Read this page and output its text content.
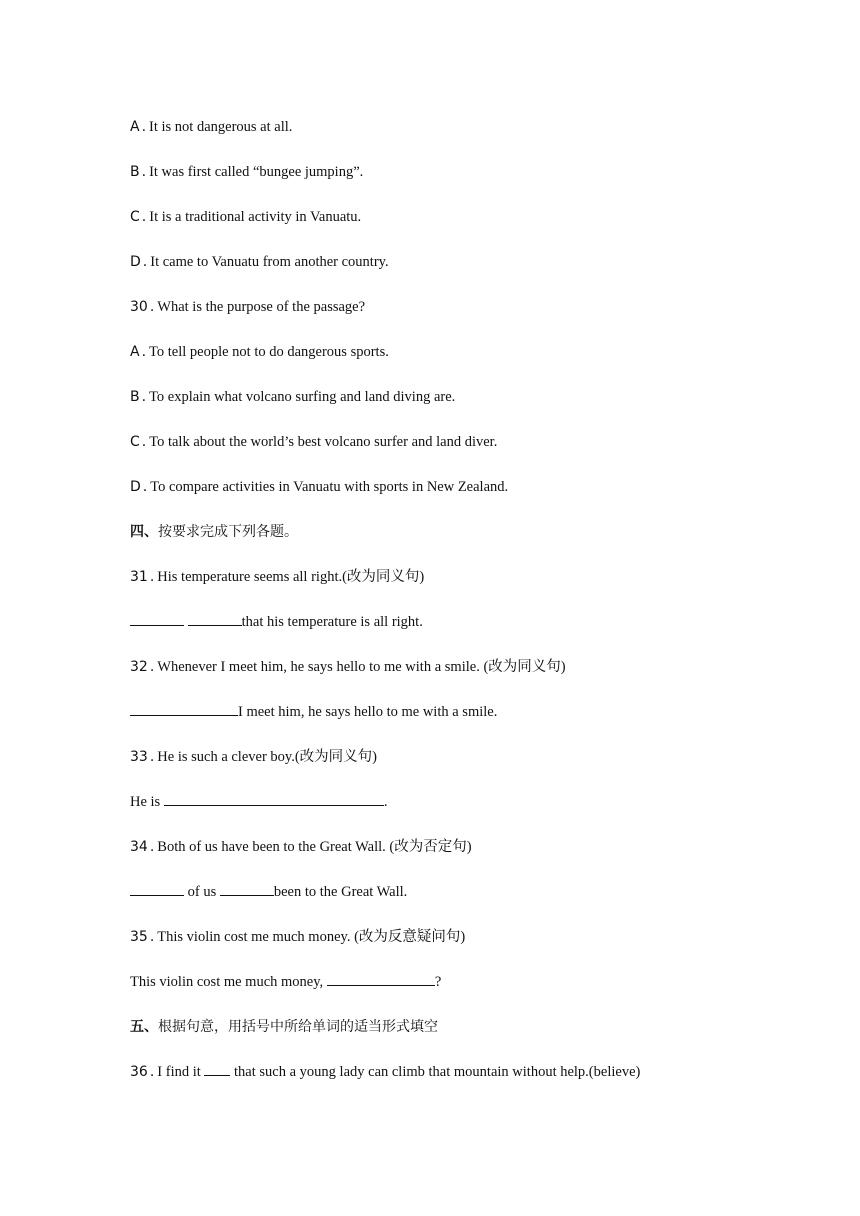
A . It is not dangerous at all.
B . It was first called “bungee jumping”.
C . It is a traditional activity in Vanuatu.
D . It came to Vanuatu from another country.
30 . What is the purpose of the passage?
A . To tell people not to do dangerous sports.
B . To explain what volcano surfing and land diving are.
C . To talk about the world’s best volcano surfer and land diver.
D . To compare activities in Vanuatu with sports in New Zealand.
四、按要求完成下列各题。
31 . His temperature seems all right.(改为同义句)
that his temperature is all right.
32 . Whenever I meet him, he says hello to me with a smile. (改为同义句)
I meet him, he says hello to me with a smile.
33 . He is such a clever boy.(改为同义句)
He is	.
34 . Both of us have been to the Great Wall. (改为否定句)
of us	been to the Great Wall.
35 . This violin cost me much money. (改为反意疑问句)
This violin cost me much money,	?
五、根据句意，用括号中所给单词的适当形式填空
36 . I find it  that such a young lady can climb that mountain without help.(believe)
